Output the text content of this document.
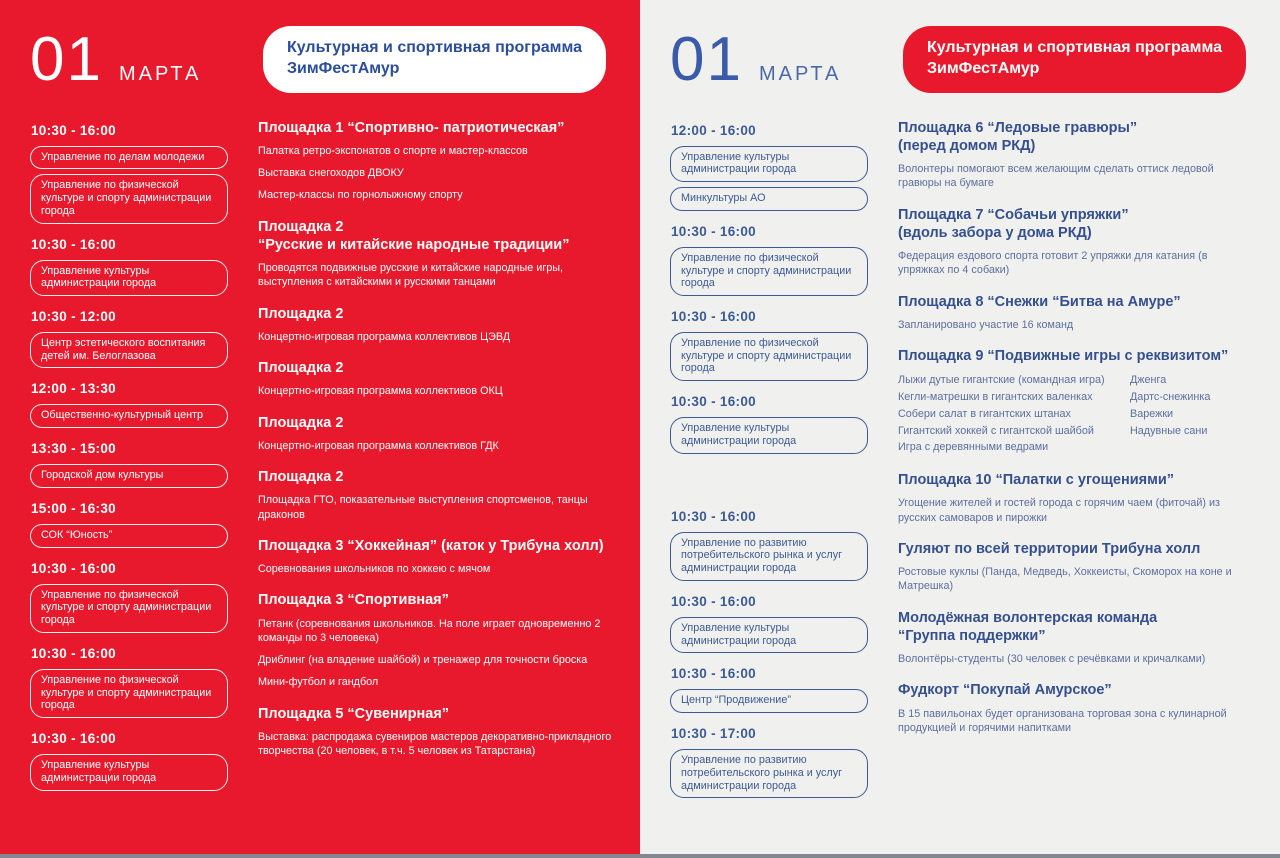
01 МАРТА
Культурная и спортивная программа
ЗимФестАмур
10:30 - 16:00
Управление по делам молодежи
Управление по физической культуре и спорту администрации города
10:30 - 16:00
Управление культуры администрации города
10:30 - 12:00
Центр эстетического воспитания детей им. Белоглазова
12:00 - 13:30
Общественно-культурный центр
13:30 - 15:00
Городской дом культуры
15:00 - 16:30
СОК “Юность”
10:30 - 16:00
Управление по физической культуре и спорту администрации города
10:30 - 16:00
Управление по физической культуре и спорту администрации города
10:30 - 16:00
Управление культуры администрации города
Площадка 1 “Спортивно- патриотическая”
Палатка ретро-экспонатов о спорте и мастер-классов
Выставка снегоходов ДВОКУ
Мастер-классы по горнолыжному спорту
Площадка 2
“Русские и китайские народные традиции”
Проводятся подвижные русские и китайские народные игры, выступления с китайскими и русскими танцами
Площадка 2
Концертно-игровая программа коллективов ЦЭВД
Площадка 2
Концертно-игровая программа коллективов ОКЦ
Площадка 2
Концертно-игровая программа коллективов ГДК
Площадка 2
Площадка ГТО, показательные выступления спортсменов, танцы драконов
Площадка 3 “Хоккейная” (каток у Трибуна холл)
Соревнования школьников по хоккею с мячом
Площадка 3 “Спортивная”
Петанк (соревнования школьников. На поле играет одновременно 2 команды по 3 человека)
Дриблинг (на владение шайбой) и тренажер для точности броска
Мини-футбол и гандбол
Площадка 5 “Сувенирная”
Выставка: распродажа сувениров мастеров декоративно-прикладного творчества (20 человек, в т.ч. 5 человек из Татарстана)
01 МАРТА
Культурная и спортивная программа
ЗимФестАмур
12:00 - 16:00
Управление культуры администрации города
Минкультуры АО
10:30 - 16:00
Управление по физической культуре и спорту администрации города
10:30 - 16:00
Управление по физической культуре и спорту администрации города
10:30 - 16:00
Управление культуры администрации города
10:30 - 16:00
Управление по развитию потребительского рынка и услуг администрации города
10:30 - 16:00
Управление культуры администрации города
10:30 - 16:00
Центр “Продвижение”
10:30 - 17:00
Управление по развитию потребительского рынка и услуг администрации города
Площадка 6 “Ледовые гравюры”
(перед домом РКД)
Волонтеры помогают всем желающим сделать оттиск ледовой гравюры на бумаге
Площадка 7 “Собачьи упряжки”
(вдоль забора у дома РКД)
Федерация ездового спорта готовит 2 упряжки для катания (в упряжках по 4 собаки)
Площадка 8 “Снежки “Битва на Амуре”
Запланировано участие 16 команд
Площадка 9 “Подвижные игры с реквизитом”
Лыжи дутые гигантские (командная игра)
Кегли-матрешки в гигантских валенках
Собери салат в гигантских штанах
Гигантский хоккей с гигантской шайбой
Игра с деревянными ведрами
Дженга
Дартс-снежинка
Варежки
Надувные сани
Площадка 10 “Палатки с угощениями”
Угощение жителей и гостей города с горячим чаем (фиточай) из русских самоваров и пирожки
Гуляют по всей территории Трибуна холл
Ростовые куклы (Панда, Медведь, Хоккеисты, Скоморох на коне и Матрешка)
Молодёжная волонтерская команда
“Группа поддержки”
Волонтёры-студенты (30 человек с речёвками и кричалками)
Фудкорт “Покупай Амурское”
В 15 павильонах будет организована торговая зона с кулинарной продукцией и горячими напитками
